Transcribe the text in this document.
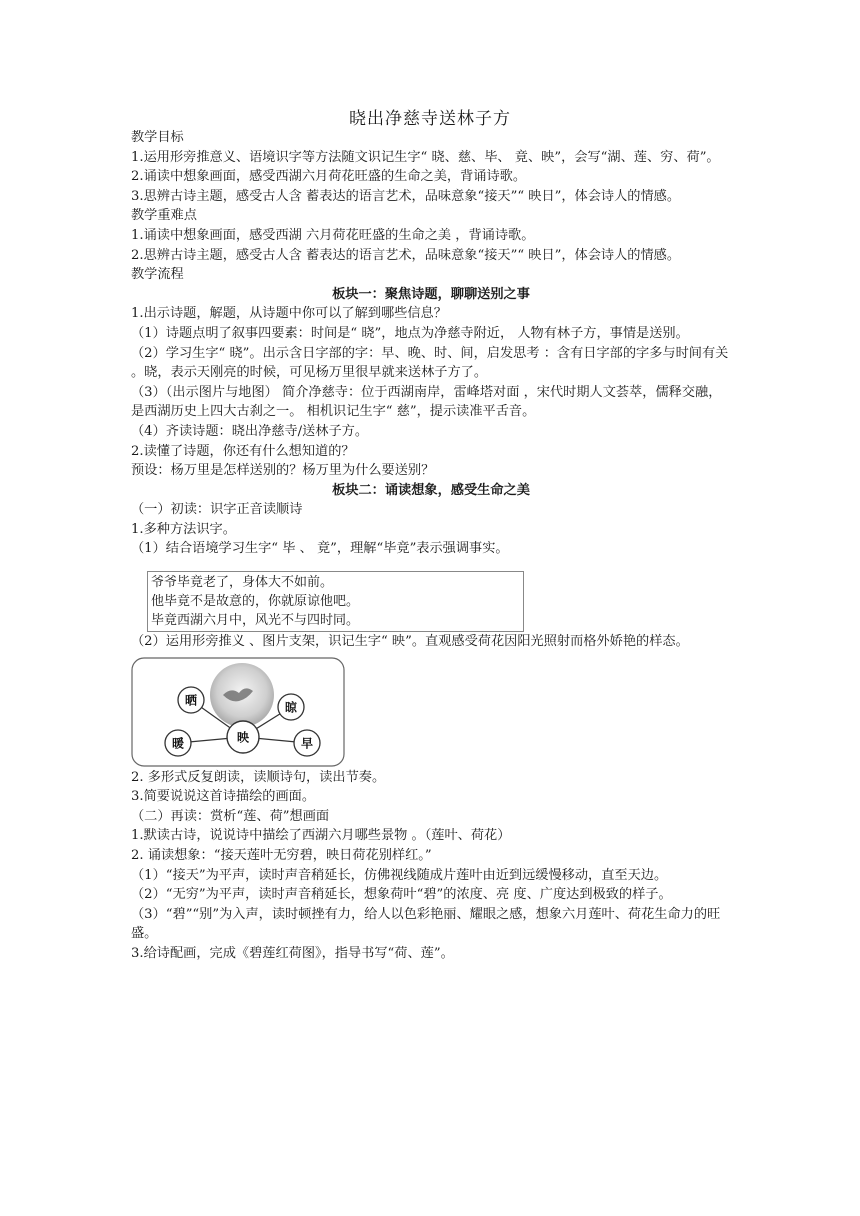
晓出净慈寺送林子方

教学目标

1.运用形旁推意义、语境识字等方法随文识记生字“ 晓、慈、毕、 竟、映”，会写“湖、莲、穷、荷”。

2.诵读中想象画面，感受西湖六月荷花旺盛的生命之美，背诵诗歌。

3.思辨古诗主题，感受古人含 蓄表达的语言艺术，品味意象“接天”“ 映日”，体会诗人的情感。

教学重难点

1.诵读中想象画面，感受西湖 六月荷花旺盛的生命之美 ，背诵诗歌。

2.思辨古诗主题，感受古人含 蓄表达的语言艺术，品味意象“接天”“ 映日”，体会诗人的情感。

教学流程

板块一：聚焦诗题，聊聊送别之事

1.出示诗题，解题，从诗题中你可以了解到哪些信息？

（1）诗题点明了叙事四要素：时间是“ 晓”，地点为净慈寺附近， 人物有林子方，事情是送别。

（2）学习生字“ 晓”。出示含日字部的字：早、晚、时、间，启发思考 ：含有日字部的字多与时间有关 。晓，表示天刚亮的时候，可见杨万里很早就来送林子方了。

（3）（出示图片与地图） 简介净慈寺：位于西湖南岸，雷峰塔对面 ，宋代时期人文荟萃，儒释交融，是西湖历史上四大古刹之一。 相机识记生字“ 慈”，提示读准平舌音。

（4）齐读诗题：晓出净慈寺/送林子方。

2.读懂了诗题，你还有什么想知道的？

预设：杨万里是怎样送别的？杨万里为什么要送别？

板块二：诵读想象，感受生命之美

（一）初读：识字正音读顺诗

1.多种方法识字。

（1）结合语境学习生字“ 毕 、 竟”，理解“毕竟”表示强调事实。

爷爷毕竟老了，身体大不如前。

他毕竟不是故意的，你就原谅他吧。

毕竟西湖六月中，风光不与四时同。

（2）运用形旁推义 、图片支架，识记生字“ 映”。直观感受荷花因阳光照射而格外娇艳的样态。

晒	晾
暖	早
映

2. 多形式反复朗读，读顺诗句，读出节奏。

3.简要说说这首诗描绘的画面。

（二）再读：赏析“莲、荷”想画面

1.默读古诗，说说诗中描绘了西湖六月哪些景物 。（莲叶、荷花）

2. 诵读想象：“接天莲叶无穷碧，映日荷花别样红。”

（1）“接天”为平声，读时声音稍延长，仿佛视线随成片莲叶由近到远缓慢移动，直至天边。

（2）“无穷”为平声，读时声音稍延长，想象荷叶“碧”的浓度、亮 度、广度达到极致的样子。

（3）“碧”“别”为入声，读时顿挫有力，给人以色彩艳丽、耀眼之感，想象六月莲叶、荷花生命力的旺盛。

3.给诗配画，完成《碧莲红荷图》，指导书写“荷、莲”。
